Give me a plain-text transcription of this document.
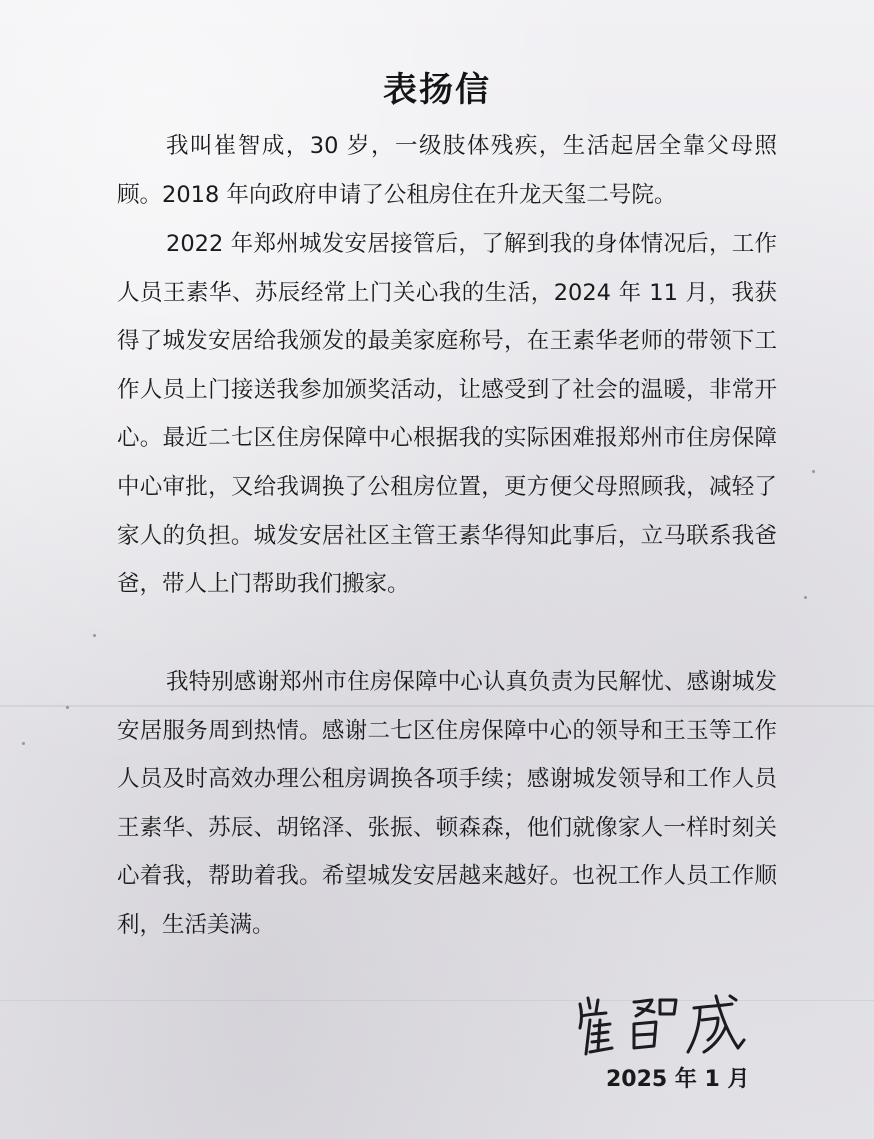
表扬信

我叫崔智成，30 岁，一级肢体残疾，生活起居全靠父母照顾。2018 年向政府申请了公租房住在升龙天玺二号院。

2022 年郑州城发安居接管后，了解到我的身体情况后，工作人员王素华、苏辰经常上门关心我的生活，2024 年 11 月，我获得了城发安居给我颁发的最美家庭称号，在王素华老师的带领下工作人员上门接送我参加颁奖活动，让感受到了社会的温暖，非常开心。最近二七区住房保障中心根据我的实际困难报郑州市住房保障中心审批，又给我调换了公租房位置，更方便父母照顾我，减轻了家人的负担。城发安居社区主管王素华得知此事后，立马联系我爸爸，带人上门帮助我们搬家。

我特别感谢郑州市住房保障中心认真负责为民解忧、感谢城发安居服务周到热情。感谢二七区住房保障中心的领导和王玉等工作人员及时高效办理公租房调换各项手续；感谢城发领导和工作人员王素华、苏辰、胡铭泽、张振、顿森森，他们就像家人一样时刻关心着我，帮助着我。希望城发安居越来越好。也祝工作人员工作顺利，生活美满。

2025 年 1 月
